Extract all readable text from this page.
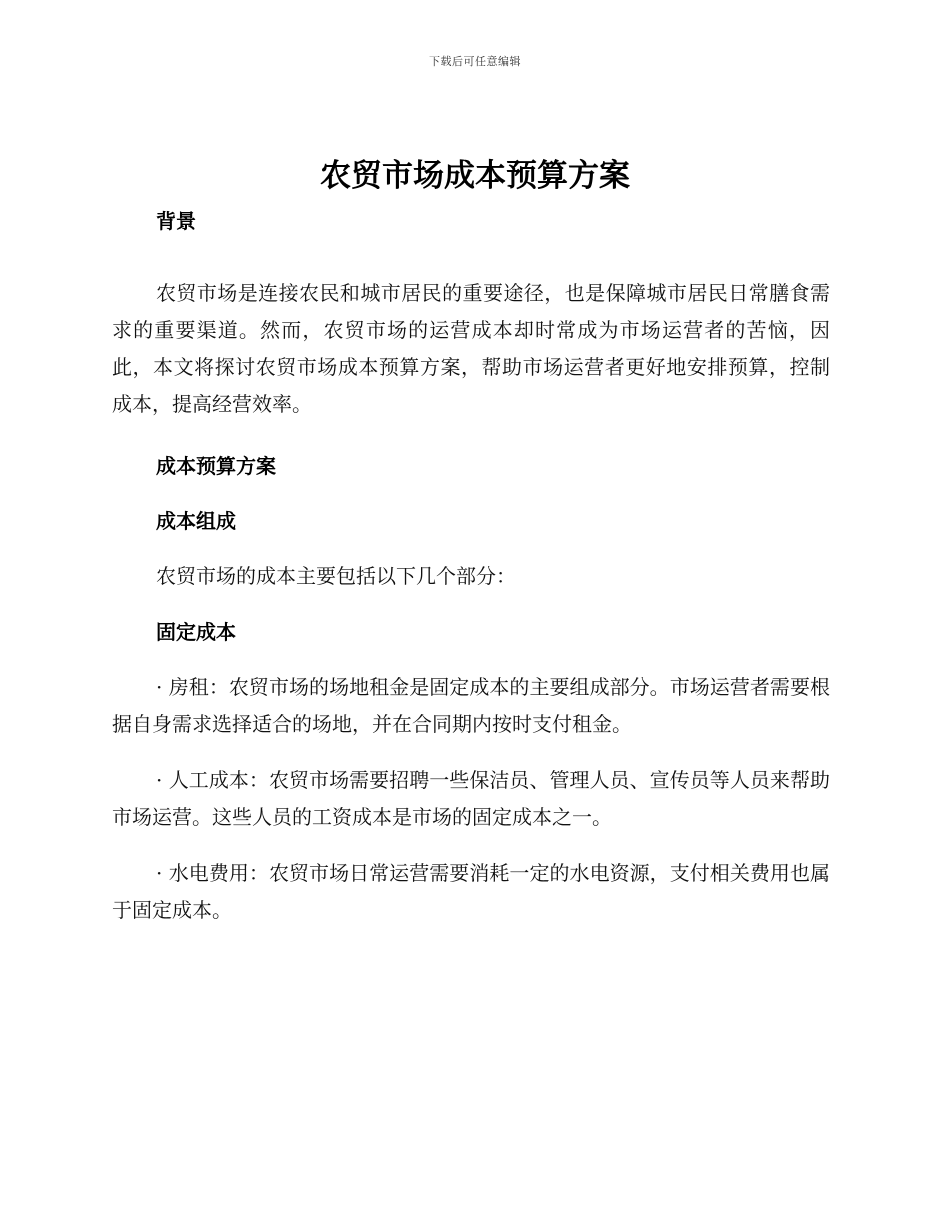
下载后可任意编辑
农贸市场成本预算方案
背景

农贸市场是连接农民和城市居民的重要途径，也是保障城市居民日常膳食需求的重要渠道。然而，农贸市场的运营成本却时常成为市场运营者的苦恼，因此，本文将探讨农贸市场成本预算方案，帮助市场运营者更好地安排预算，控制成本，提高经营效率。

成本预算方案
成本组成

农贸市场的成本主要包括以下几个部分：

固定成本

· 房租：农贸市场的场地租金是固定成本的主要组成部分。市场运营者需要根据自身需求选择适合的场地，并在合同期内按时支付租金。

· 人工成本：农贸市场需要招聘一些保洁员、管理人员、宣传员等人员来帮助市场运营。这些人员的工资成本是市场的固定成本之一。

· 水电费用：农贸市场日常运营需要消耗一定的水电资源，支付相关费用也属于固定成本。
